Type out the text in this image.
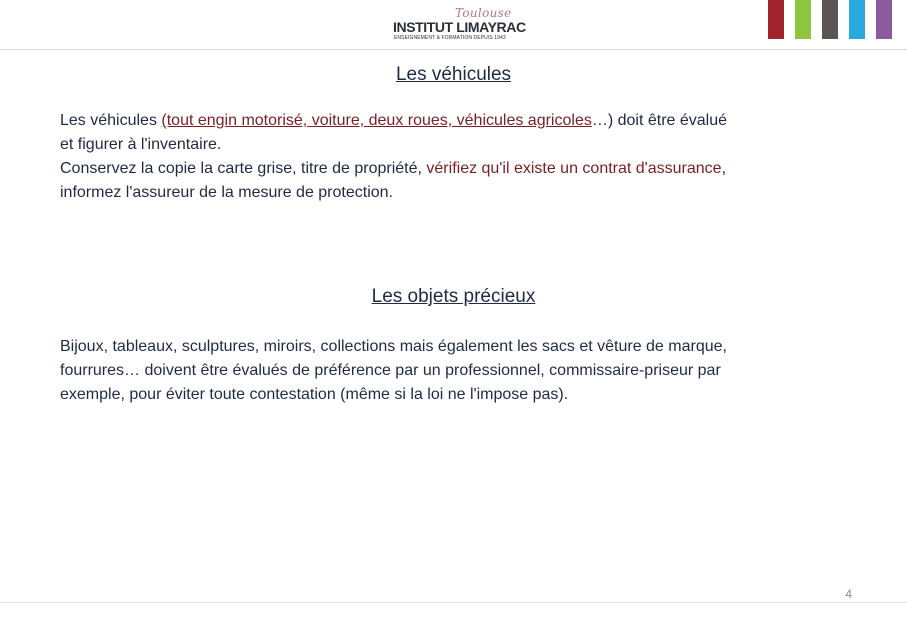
Toulouse
INSTITUT LIMAYRAC
ENSEIGNEMENT & FORMATION DEPUIS 1943
Les véhicules
Les véhicules (tout engin motorisé, voiture, deux roues, véhicules agricoles…) doit être évalué
et figurer à l'inventaire.
Conservez la copie la carte grise, titre de propriété, vérifiez qu'il existe un contrat d'assurance,
informez l'assureur de la mesure de protection.
Les objets précieux
Bijoux, tableaux, sculptures, miroirs, collections mais également les sacs et vêture de marque,
fourrures… doivent être évalués de préférence par un professionnel, commissaire-priseur par
exemple, pour éviter toute contestation (même si la loi ne l'impose pas).
4
